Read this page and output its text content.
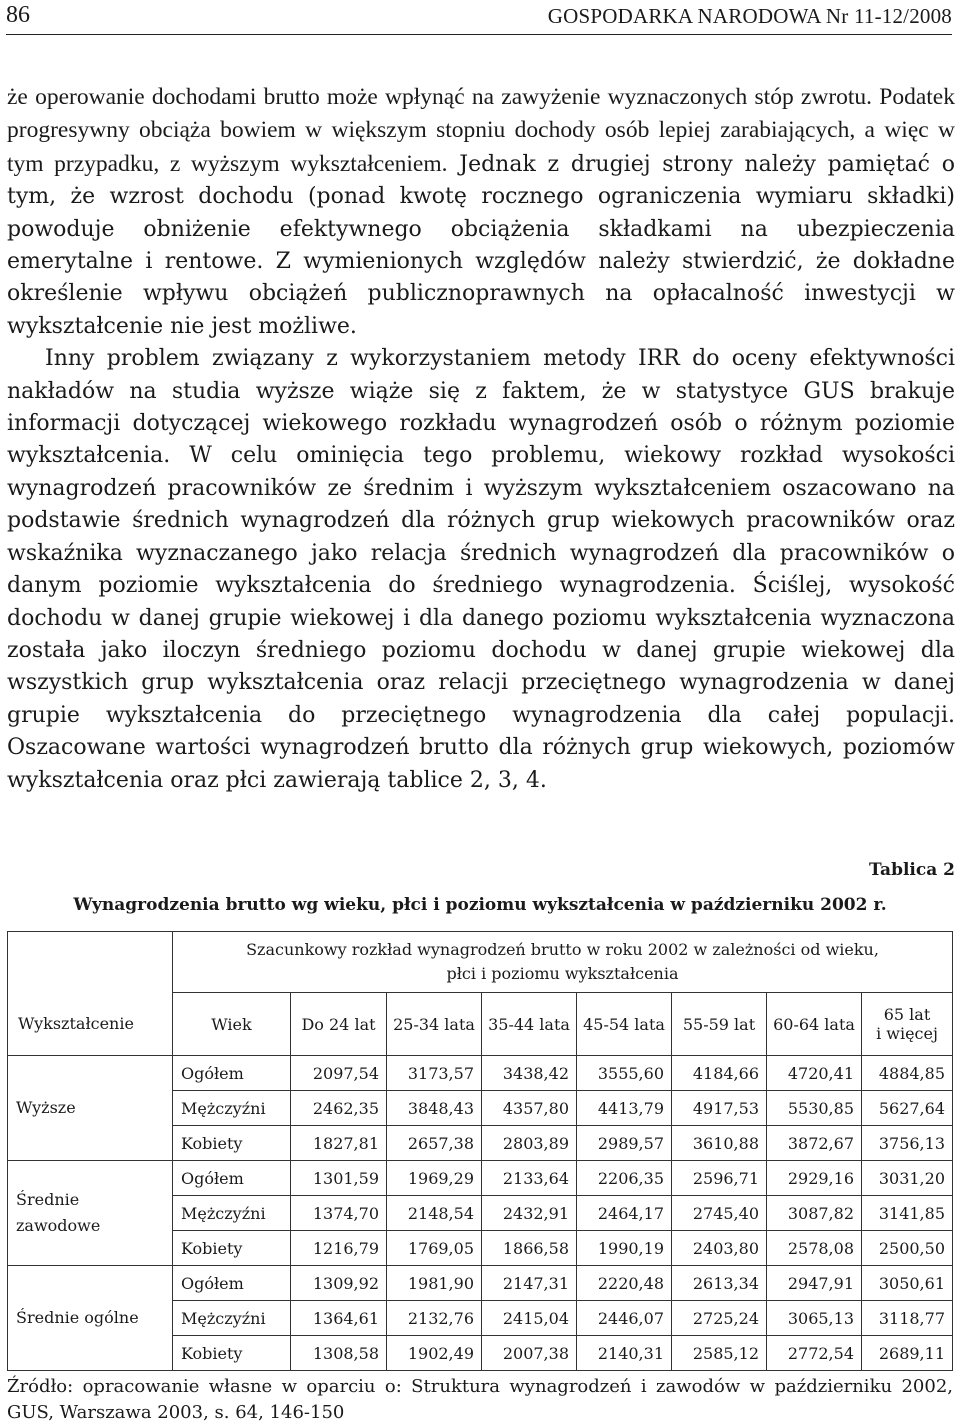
86	GOSPODARKA NARODOWA Nr 11-12/2008

że operowanie dochodami brutto może wpłynąć na zawyżenie wyznaczonych stóp zwrotu. Podatek progresywny obciąża bowiem w większym stopniu dochody osób lepiej zarabiających, a więc w tym przypadku, z wyższym wykształceniem. Jednak z drugiej strony należy pamiętać o tym, że wzrost dochodu (ponad kwotę rocznego ograniczenia wymiaru składki) powoduje obniżenie efektywnego obciążenia składkami na ubezpieczenia emerytalne i rentowe. Z wymienionych względów należy stwierdzić, że dokładne określenie wpływu obciążeń publicznoprawnych na opłacalność inwestycji w wykształcenie nie jest możliwe.

Inny problem związany z wykorzystaniem metody IRR do oceny efektywności nakładów na studia wyższe wiąże się z faktem, że w statystyce GUS brakuje informacji dotyczącej wiekowego rozkładu wynagrodzeń osób o różnym poziomie wykształcenia. W celu ominięcia tego problemu, wiekowy rozkład wysokości wynagrodzeń pracowników ze średnim i wyższym wykształceniem oszacowano na podstawie średnich wynagrodzeń dla różnych grup wiekowych pracowników oraz wskaźnika wyznaczanego jako relacja średnich wynagrodzeń dla pracowników o danym poziomie wykształcenia do średniego wynagrodzenia. Ściślej, wysokość dochodu w danej grupie wiekowej i dla danego poziomu wykształcenia wyznaczona została jako iloczyn średniego poziomu dochodu w danej grupie wiekowej dla wszystkich grup wykształcenia oraz relacji przeciętnego wynagrodzenia w danej grupie wykształcenia do przeciętnego wynagrodzenia dla całej populacji. Oszacowane wartości wynagrodzeń brutto dla różnych grup wiekowych, poziomów wykształcenia oraz płci zawierają tablice 2, 3, 4.

Tablica 2
Wynagrodzenia brutto wg wieku, płci i poziomu wykształcenia w październiku 2002 r.
	Szacunkowy rozkład wynagrodzeń brutto w roku 2002 w zależności od wieku,
płci i poziomu wykształcenia							
Wykształcenie	Wiek	Do 24 lat	25-34 lata	35-44 lata	45-54 lata	55-59 lat	60-64 lata	65 lat
i więcej
Wyższe	Ogółem	2097,54	3173,57	3438,42	3555,60	4184,66	4720,41	4884,85
	Mężczyźni	2462,35	3848,43	4357,80	4413,79	4917,53	5530,85	5627,64
	Kobiety	1827,81	2657,38	2803,89	2989,57	3610,88	3872,67	3756,13
Średnie
zawodowe	Ogółem	1301,59	1969,29	2133,64	2206,35	2596,71	2929,16	3031,20
	Mężczyźni	1374,70	2148,54	2432,91	2464,17	2745,40	3087,82	3141,85
	Kobiety	1216,79	1769,05	1866,58	1990,19	2403,80	2578,08	2500,50
Średnie ogólne	Ogółem	1309,92	1981,90	2147,31	2220,48	2613,34	2947,91	3050,61
	Mężczyźni	1364,61	2132,76	2415,04	2446,07	2725,24	3065,13	3118,77
	Kobiety	1308,58	1902,49	2007,38	2140,31	2585,12	2772,54	2689,11
Źródło: opracowanie własne w oparciu o: Struktura wynagrodzeń i zawodów w październiku 2002, GUS, Warszawa 2003, s. 64, 146-150
